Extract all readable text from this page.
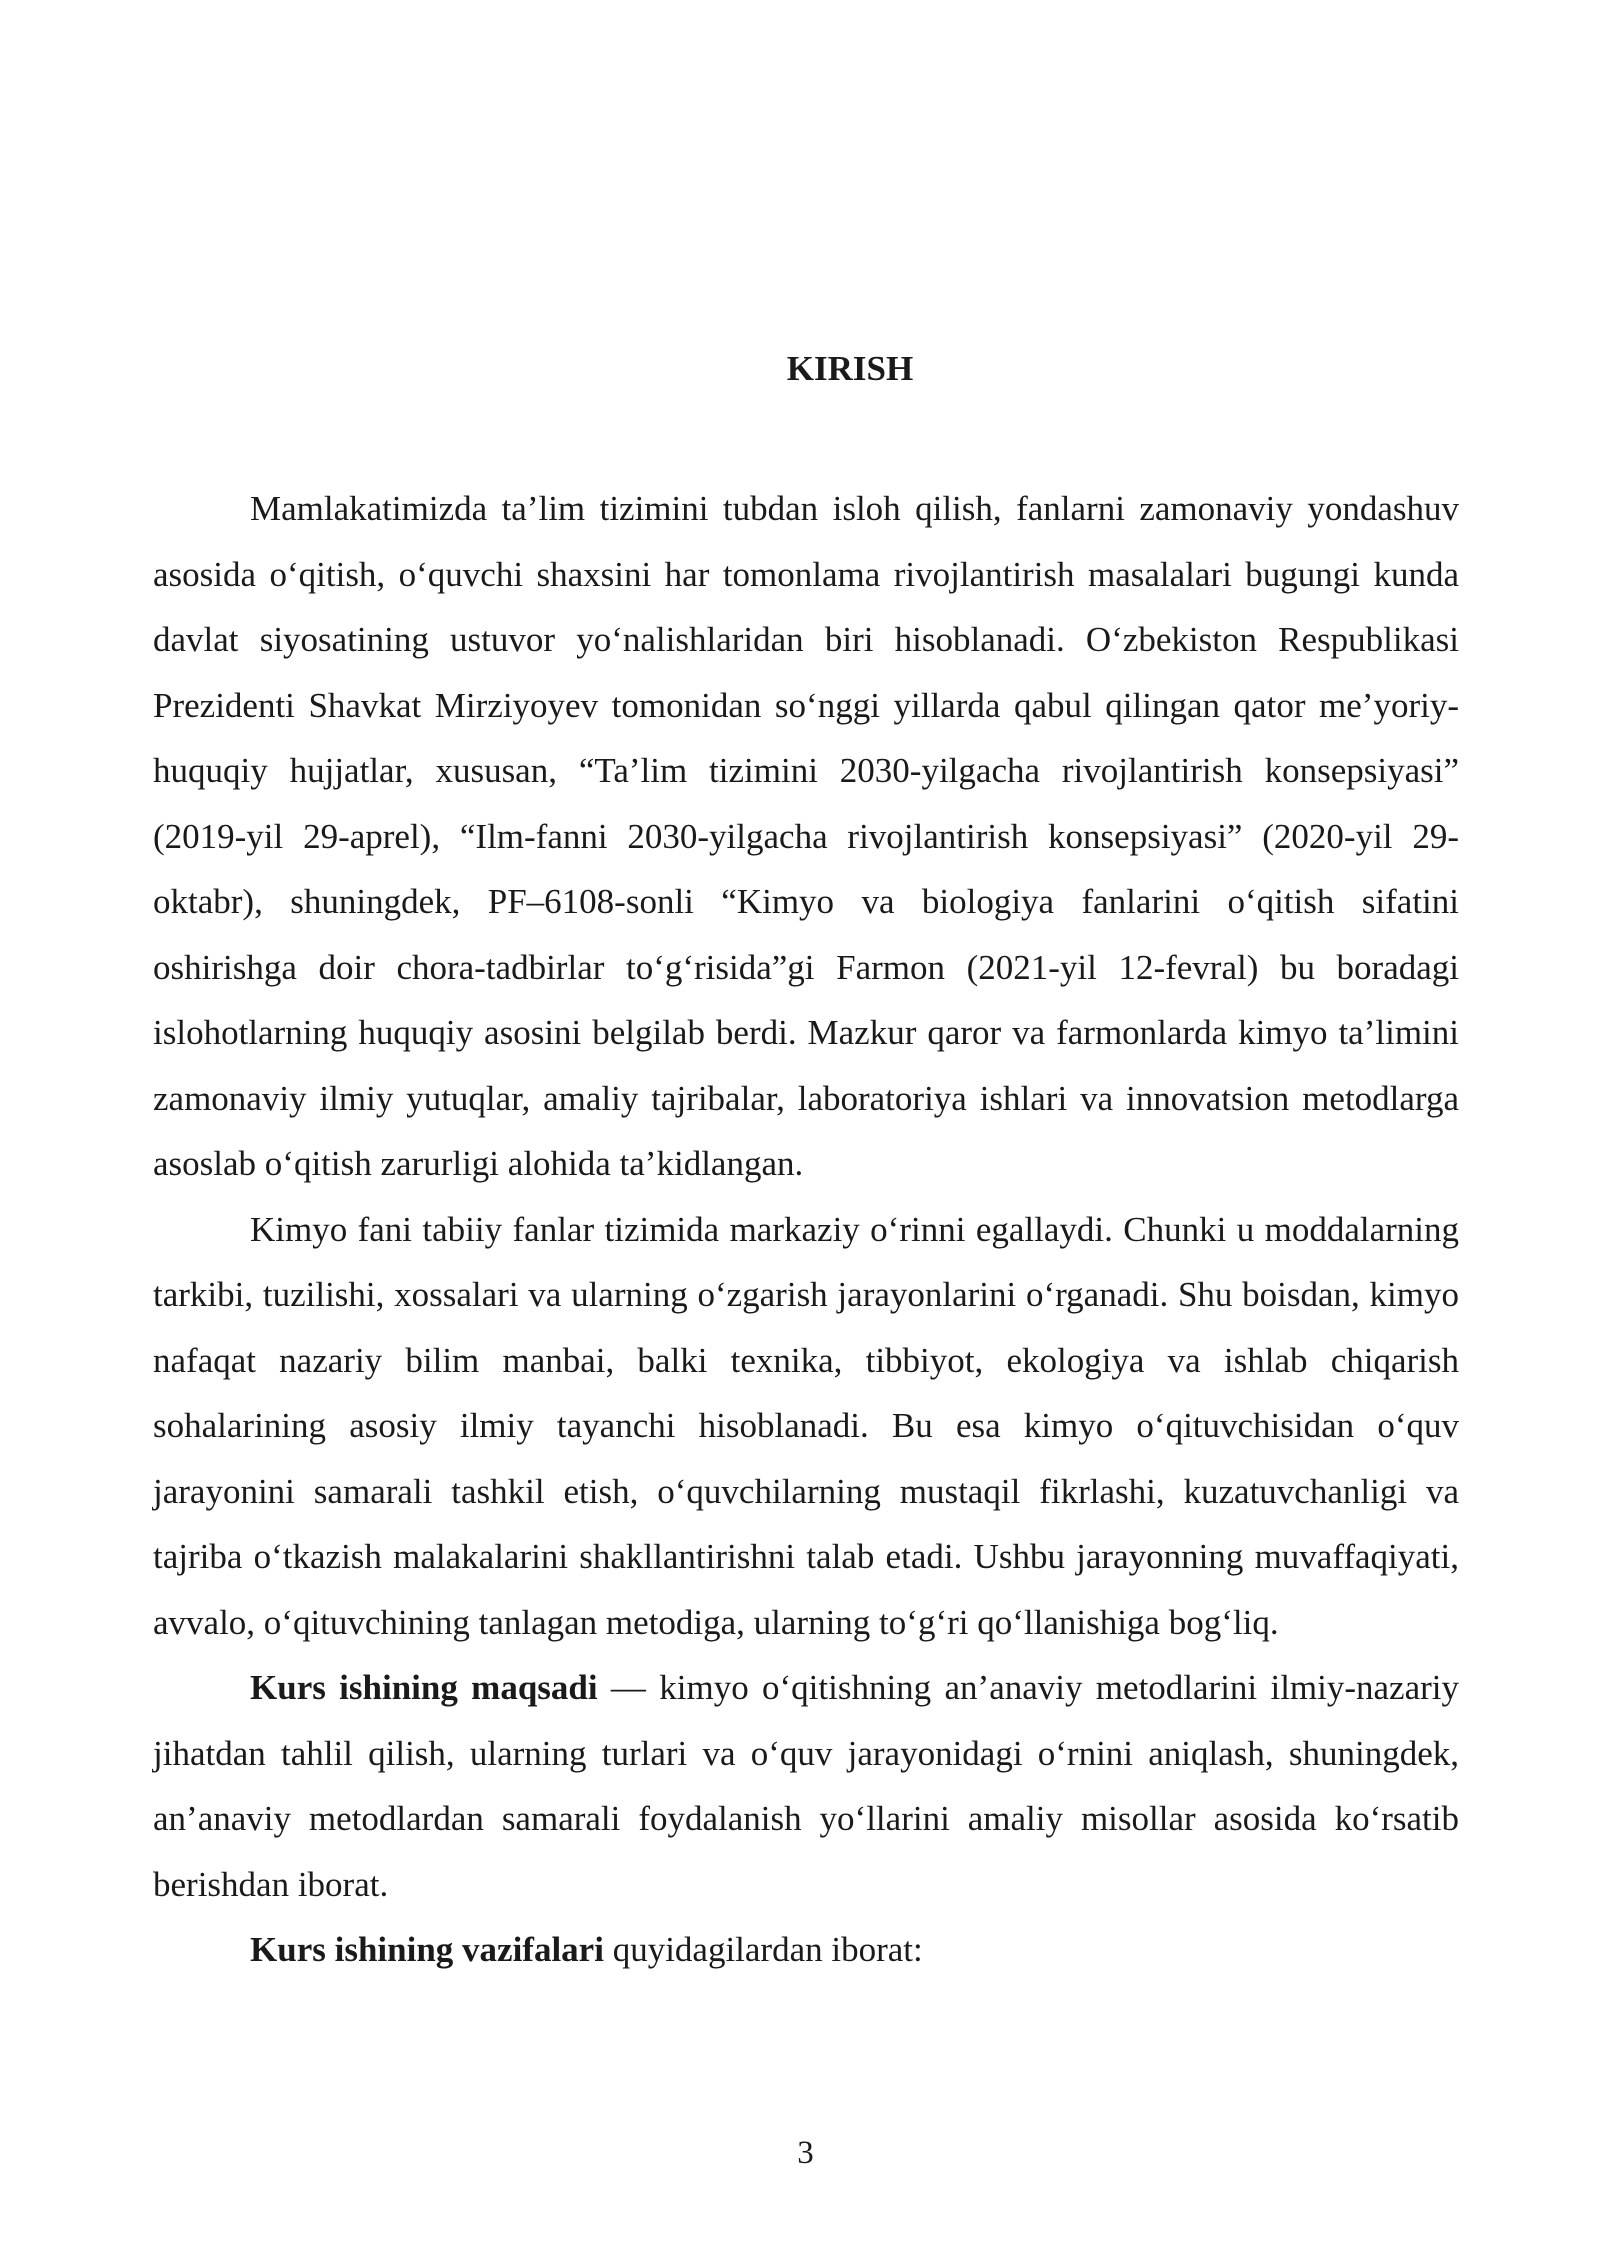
KIRISH

Mamlakatimizda ta’lim tizimini tubdan isloh qilish, fanlarni zamonaviy yondashuv asosida o‘qitish, o‘quvchi shaxsini har tomonlama rivojlantirish masalalari bugungi kunda davlat siyosatining ustuvor yo‘nalishlaridan biri hisoblanadi. O‘zbekiston Respublikasi Prezidenti Shavkat Mirziyoyev tomonidan so‘nggi yillarda qabul qilingan qator me’yoriy-huquqiy hujjatlar, xususan, “Ta’lim tizimini 2030-yilgacha rivojlantirish konsepsiyasi” (2019-yil 29-aprel), “Ilm-fanni 2030-yilgacha rivojlantirish konsepsiyasi” (2020-yil 29-oktabr), shuningdek, PF–6108-sonli “Kimyo va biologiya fanlarini o‘qitish sifatini oshirishga doir chora-tadbirlar to‘g‘risida”gi Farmon (2021-yil 12-fevral) bu boradagi islohotlarning huquqiy asosini belgilab berdi. Mazkur qaror va farmonlarda kimyo ta’limini zamonaviy ilmiy yutuqlar, amaliy tajribalar, laboratoriya ishlari va innovatsion metodlarga asoslab o‘qitish zarurligi alohida ta’kidlangan.

Kimyo fani tabiiy fanlar tizimida markaziy o‘rinni egallaydi. Chunki u moddalarning tarkibi, tuzilishi, xossalari va ularning o‘zgarish jarayonlarini o‘rganadi. Shu boisdan, kimyo nafaqat nazariy bilim manbai, balki texnika, tibbiyot, ekologiya va ishlab chiqarish sohalarining asosiy ilmiy tayanchi hisoblanadi. Bu esa kimyo o‘qituvchisidan o‘quv jarayonini samarali tashkil etish, o‘quvchilarning mustaqil fikrlashi, kuzatuvchanligi va tajriba o‘tkazish malakalarini shakllantirishni talab etadi. Ushbu jarayonning muvaffaqiyati, avvalo, o‘qituvchining tanlagan metodiga, ularning to‘g‘ri qo‘llanishiga bog‘liq.

Kurs ishining maqsadi — kimyo o‘qitishning an’anaviy metodlarini ilmiy-nazariy jihatdan tahlil qilish, ularning turlari va o‘quv jarayonidagi o‘rnini aniqlash, shuningdek, an’anaviy metodlardan samarali foydalanish yo‘llarini amaliy misollar asosida ko‘rsatib berishdan iborat.

Kurs ishining vazifalari quyidagilardan iborat:

3
